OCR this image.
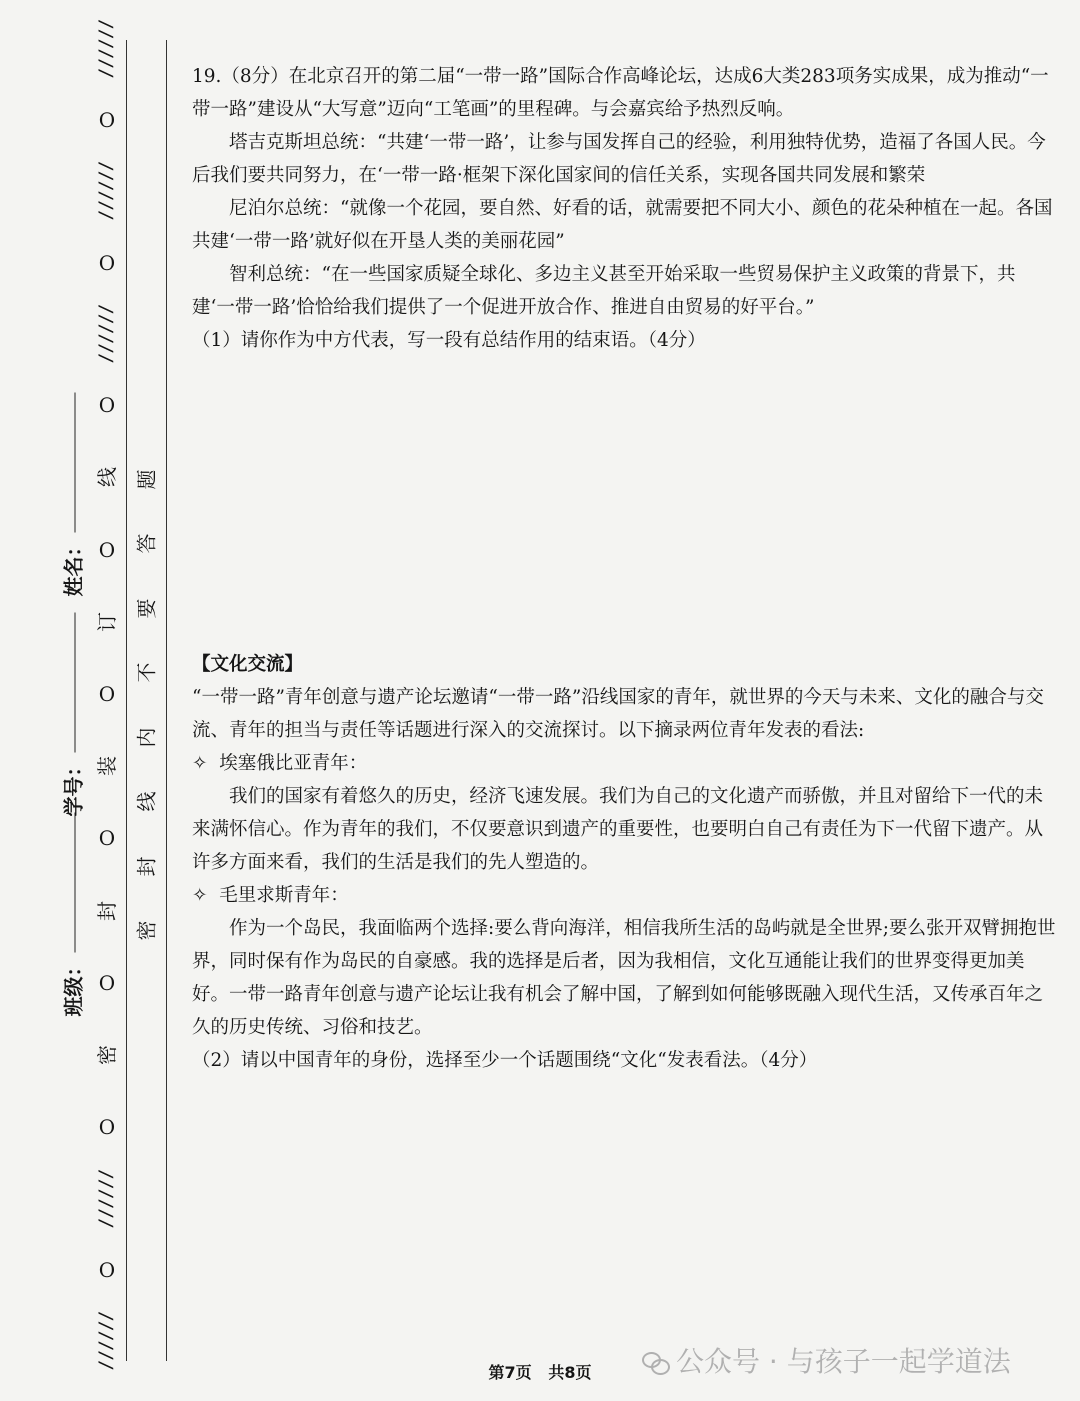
//////
O
//////
O
//////
O
线
O
订
O
装
O
封
O
密
O
//////
O
//////
密
封
线
内
不
要
答
题
班级：
学号：
姓名：

19.（8分）在北京召开的第二届“一带一路”国际合作高峰论坛，达成6大类283项务实成果，成为推动“一带一路”建设从“大写意”迈向“工笔画”的里程碑。与会嘉宾给予热烈反响。

塔吉克斯坦总统：“共建‘一带一路’，让参与国发挥自己的经验，利用独特优势，造福了各国人民。今后我们要共同努力，在‘一带一路·框架下深化国家间的信任关系，实现各国共同发展和繁荣

尼泊尔总统：“就像一个花园，要自然、好看的话，就需要把不同大小、颜色的花朵种植在一起。各国共建‘一带一路’就好似在开垦人类的美丽花园”

智利总统：“在一些国家质疑全球化、多边主义甚至开始采取一些贸易保护主义政策的背景下，共建‘一带一路’恰恰给我们提供了一个促进开放合作、推进自由贸易的好平台。”

（1）请你作为中方代表，写一段有总结作用的结束语。（4分）

【文化交流】

“一带一路”青年创意与遗产论坛邀请“一带一路”沿线国家的青年，就世界的今天与未来、文化的融合与交流、青年的担当与责任等话题进行深入的交流探讨。以下摘录两位青年发表的看法:

✧ 埃塞俄比亚青年：

我们的国家有着悠久的历史，经济飞速发展。我们为自己的文化遗产而骄傲，并且对留给下一代的未来满怀信心。作为青年的我们，不仅要意识到遗产的重要性，也要明白自己有责任为下一代留下遗产。从许多方面来看，我们的生活是我们的先人塑造的。

✧ 毛里求斯青年：

作为一个岛民，我面临两个选择:要么背向海洋，相信我所生活的岛屿就是全世界;要么张开双臂拥抱世界，同时保有作为岛民的自豪感。我的选择是后者，因为我相信，文化互通能让我们的世界变得更加美好。一带一路青年创意与遗产论坛让我有机会了解中国，了解到如何能够既融入现代生活，又传承百年之久的历史传统、习俗和技艺。

（2）请以中国青年的身份，选择至少一个话题围绕“文化“发表看法。（4分）

公众号 · 与孩子一起学道法
第7页 共8页
